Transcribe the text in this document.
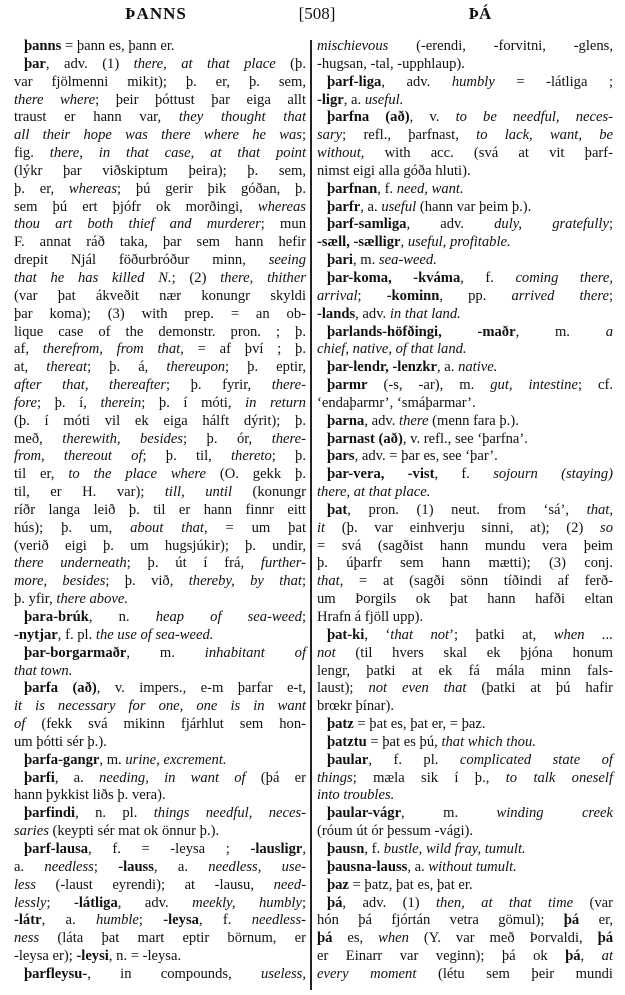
ÞANNS	[508]	ÞÁ
þanns = þann es, þann er.
þar, adv. (1) there, at that place (þ.
var fjölmenni mikit); þ. er, þ. sem,
there where; þeir þóttust þar eiga allt
traust er hann var, they thought that
all their hope was there where he was;
fig. there, in that case, at that point
(lýkr þar viðskiptum þeira); þ. sem,
þ. er, whereas; þú gerir þik góðan, þ.
sem þú ert þjófr ok morðingi, whereas
thou art both thief and murderer; mun
F. annat ráð taka, þar sem hann hefir
drepit Njál föðurbróður minn, seeing
that he has killed N.; (2) there, thither
(var þat ákveðit nær konungr skyldi
þar koma); (3) with prep. = an ob-
lique case of the demonstr. pron. ; þ.
af, therefrom, from that, = af því ; þ.
at, thereat; þ. á, thereupon; þ. eptir,
after that, thereafter; þ. fyrir, there-
fore; þ. í, therein; þ. í móti, in return
(þ. í móti vil ek eiga hálft dýrit); þ.
með, therewith, besides; þ. ór, there-
from, thereout of; þ. til, thereto; þ.
til er, to the place where (O. gekk þ.
til, er H. var); till, until (konungr
ríðr langa leið þ. til er hann finnr eitt
hús); þ. um, about that, = um þat
(verið eigi þ. um hugsjúkir); þ. undir,
there underneath; þ. út í frá, further-
more, besides; þ. við, thereby, by that;
þ. yfir, there above.
þara-brúk, n. heap of sea-weed;
-nytjar, f. pl. the use of sea-weed.
þar-borgarmaðr, m. inhabitant of
that town.
þarfa (að), v. impers., e-m þarfar e-t,
it is necessary for one, one is in want
of (fekk svá mikinn fjárhlut sem hon-
um þótti sér þ.).
þarfa-gangr, m. urine, excrement.
þarfi, a. needing, in want of (þá er
hann þykkist liðs þ. vera).
þarfindi, n. pl. things needful, neces-
saries (keypti sér mat ok önnur þ.).
þarf-lausa, f. = -leysa ; -lausligr,
a. needless; -lauss, a. needless, use-
less (-laust eyrendi); at -lausu, need-
lessly; -látliga, adv. meekly, humbly;
-látr, a. humble; -leysa, f. needless-
ness (láta þat mart eptir börnum, er
-leysa er); -leysi, n. = -leysa.
þarfleysu-, in compounds, useless,
mischievous (-erendi, -forvitni, -glens,
-hugsan, -tal, -upphlaup).
þarf-liga, adv. humbly = -látliga ;
-ligr, a. useful.
þarfna (að), v. to be needful, neces-
sary; refl., þarfnast, to lack, want, be
without, with acc. (svá at vit þarf-
nimst eigi alla góða hluti).
þarfnan, f. need, want.
þarfr, a. useful (hann var þeim þ.).
þarf-samliga, adv. duly, gratefully;
-sæll, -sælligr, useful, profitable.
þari, m. sea-weed.
þar-koma, -kváma, f. coming there,
arrival; -kominn, pp. arrived there;
-lands, adv. in that land.
þarlands-höfðingi, -maðr, m. a
chief, native, of that land.
þar-lendr, -lenzkr, a. native.
þarmr (-s, -ar), m. gut, intestine; cf.
‘endaþarmr’, ‘smáþarmar’.
þarna, adv. there (menn fara þ.).
þarnast (að), v. refl., see ‘þarfna’.
þars, adv. = þar es, see ‘þar’.
þar-vera, -vist, f. sojourn (staying)
there, at that place.
þat, pron. (1) neut. from ‘sá’, that,
it (þ. var einhverju sinni, at); (2) so
= svá (sagðist hann mundu vera þeim
þ. úþarfr sem hann mætti); (3) conj.
that, = at (sagði sönn tíðindi af ferð-
um Þorgils ok þat hann hafði eltan
Hrafn á fjöll upp).
þat-ki, ‘that not’; þatki at, when ...
not (til hvers skal ek þjóna honum
lengr, þatki at ek fá mála minn fals-
laust); not even that (þatki at þú hafir
brœkr þínar).
þatz = þat es, þat er, = þaz.
þatztu = þat es þú, that which thou.
þaular, f. pl. complicated state of
things; mæla sik í þ., to talk oneself
into troubles.
þaular-vágr, m. winding creek
(róum út ór þessum -vági).
þausn, f. bustle, wild fray, tumult.
þausna-lauss, a. without tumult.
þaz = þatz, þat es, þat er.
þá, adv. (1) then, at that time (var
hón þá fjórtán vetra gömul); þá er,
þá es, when (Y. var með Þorvaldi, þá
er Einarr var veginn); þá ok þá, at
every moment (létu sem þeir mundi
